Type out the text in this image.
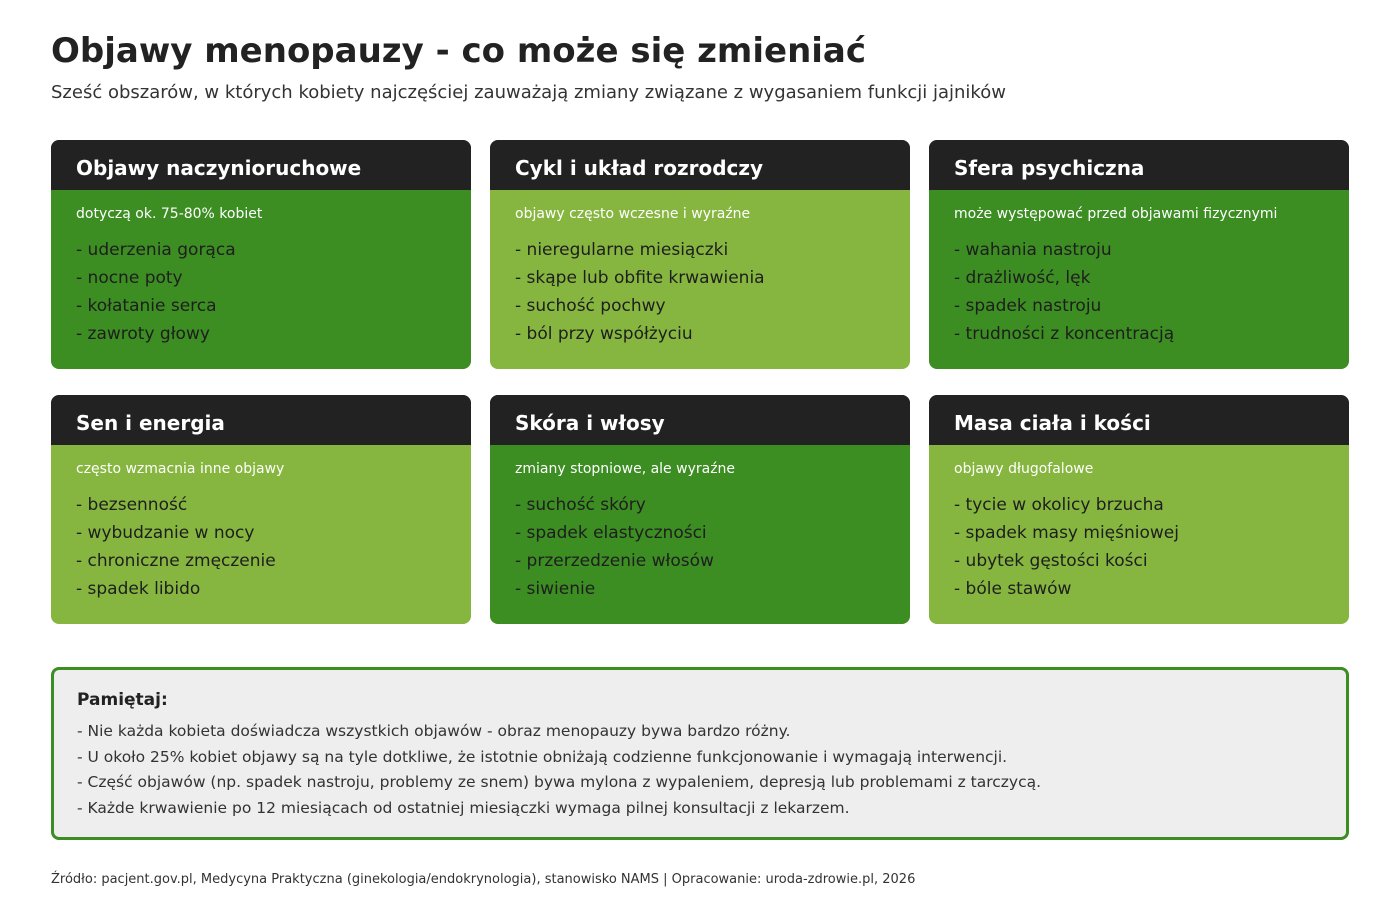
Objawy menopauzy - co może się zmieniać

Sześć obszarów, w których kobiety najczęściej zauważają zmiany związane z wygasaniem funkcji jajników

Objawy naczynioruchowe
dotyczą ok. 75-80% kobiet
- uderzenia gorąca
- nocne poty
- kołatanie serca
- zawroty głowy
Cykl i układ rozrodczy
objawy często wczesne i wyraźne
- nieregularne miesiączki
- skąpe lub obfite krwawienia
- suchość pochwy
- ból przy współżyciu
Sfera psychiczna
może występować przed objawami fizycznymi
- wahania nastroju
- drażliwość, lęk
- spadek nastroju
- trudności z koncentracją
Sen i energia
często wzmacnia inne objawy
- bezsenność
- wybudzanie w nocy
- chroniczne zmęczenie
- spadek libido
Skóra i włosy
zmiany stopniowe, ale wyraźne
- suchość skóry
- spadek elastyczności
- przerzedzenie włosów
- siwienie
Masa ciała i kości
objawy długofalowe
- tycie w okolicy brzucha
- spadek masy mięśniowej
- ubytek gęstości kości
- bóle stawów
Pamiętaj:
- Nie każda kobieta doświadcza wszystkich objawów - obraz menopauzy bywa bardzo różny.
- U około 25% kobiet objawy są na tyle dotkliwe, że istotnie obniżają codzienne funkcjonowanie i wymagają interwencji.
- Część objawów (np. spadek nastroju, problemy ze snem) bywa mylona z wypaleniem, depresją lub problemami z tarczycą.
- Każde krwawienie po 12 miesiącach od ostatniej miesiączki wymaga pilnej konsultacji z lekarzem.
Źródło: pacjent.gov.pl, Medycyna Praktyczna (ginekologia/endokrynologia), stanowisko NAMS | Opracowanie: uroda-zdrowie.pl, 2026
